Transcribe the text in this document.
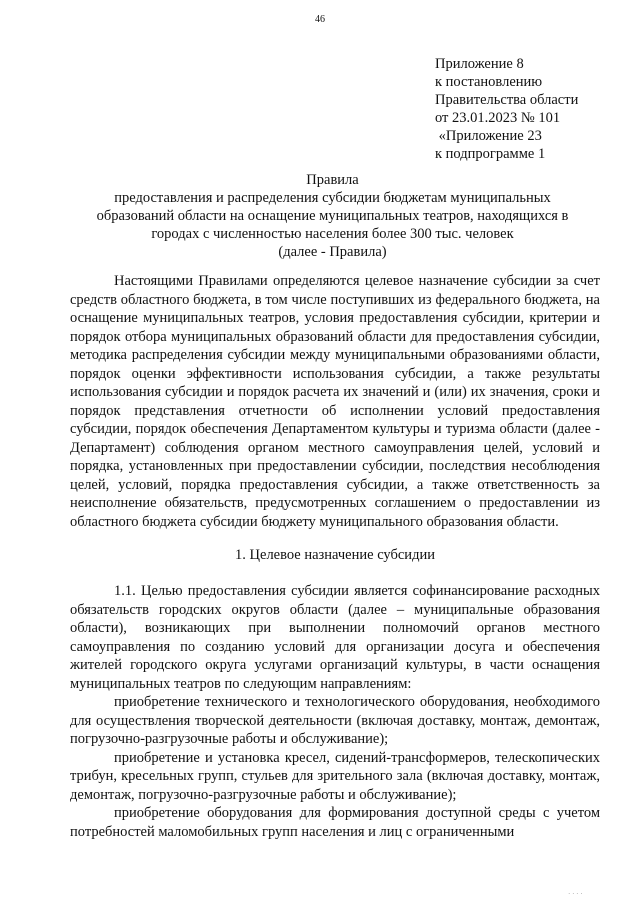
46
Приложение 8
к постановлению
Правительства области
от 23.01.2023 № 101
«Приложение 23
к подпрограмме 1
Правила
предоставления и распределения субсидии бюджетам муниципальных образований области на оснащение муниципальных театров, находящихся в городах с численностью населения более 300 тыс. человек
(далее - Правила)

Настоящими Правилами определяются целевое назначение субсидии за счет средств областного бюджета, в том числе поступивших из федерального бюджета, на оснащение муниципальных театров, условия предоставления субсидии, критерии и порядок отбора муниципальных образований области для предоставления субсидии, методика распределения субсидии между муниципальными образованиями области, порядок оценки эффективности использования субсидии, а также результаты использования субсидии и порядок расчета их значений и (или) их значения, сроки и порядок представления отчетности об исполнении условий предоставления субсидии, порядок обеспечения Департаментом культуры и туризма области (далее - Департамент) соблюдения органом местного самоуправления целей, условий и порядка, установленных при предоставлении субсидии, последствия несоблюдения целей, условий, порядка предоставления субсидии, а также ответственность за неисполнение обязательств, предусмотренных соглашением о предоставлении из областного бюджета субсидии бюджету муниципального образования области.

1. Целевое назначение субсидии

1.1. Целью предоставления субсидии является софинансирование расходных обязательств городских округов области (далее – муниципальные образования области), возникающих при выполнении полномочий органов местного самоуправления по созданию условий для организации досуга и обеспечения жителей городского округа услугами организаций культуры, в части оснащения муниципальных театров по следующим направлениям:

приобретение технического и технологического оборудования, необходимого для осуществления творческой деятельности (включая доставку, монтаж, демонтаж, погрузочно-разгрузочные работы и обслуживание);

приобретение и установка кресел, сидений-трансформеров, телескопических трибун, кресельных групп, стульев для зрительного зала (включая доставку, монтаж, демонтаж, погрузочно-разгрузочные работы и обслуживание);

приобретение оборудования для формирования доступной среды с учетом потребностей маломобильных групп населения и лиц с ограниченными

· · · ·
